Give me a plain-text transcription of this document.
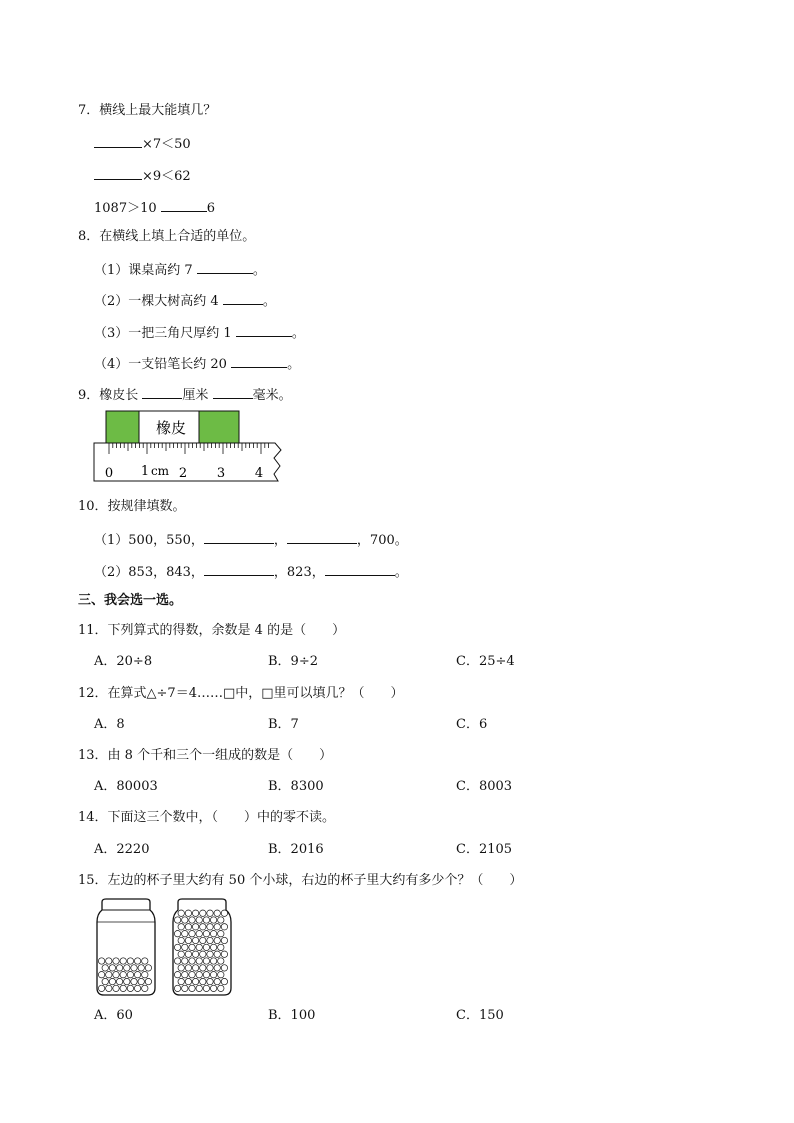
7．横线上最大能填几？
×7＜50
×9＜62
1087＞10	6
8．在横线上填上合适的单位。
（1）课桌高约 7	。
（2）一棵大树高约 4	。
（3）一把三角尺厚约 1	。
（4）一支铅笔长约 20	。
9．橡皮长	厘米	毫米。
橡皮
0 1 cm 2 3 4
10．按规律填数。
（1）500，550，	，	，700。
（2）853，843，	，823，	。
三、我会选一选。
11．下列算式的得数，余数是 4 的是（　　）
A．20÷8	B．9÷2	C．25÷4
12．在算式△÷7＝4……□中，□里可以填几？（　　）
A．8	B．7	C．6
13．由 8 个千和三个一组成的数是（　　）
A．80003	B．8300	C．8003
14．下面这三个数中，（　　）中的零不读。
A．2220	B．2016	C．2105
15．左边的杯子里大约有 50 个小球，右边的杯子里大约有多少个？（　　）
A．60	B．100	C．150
